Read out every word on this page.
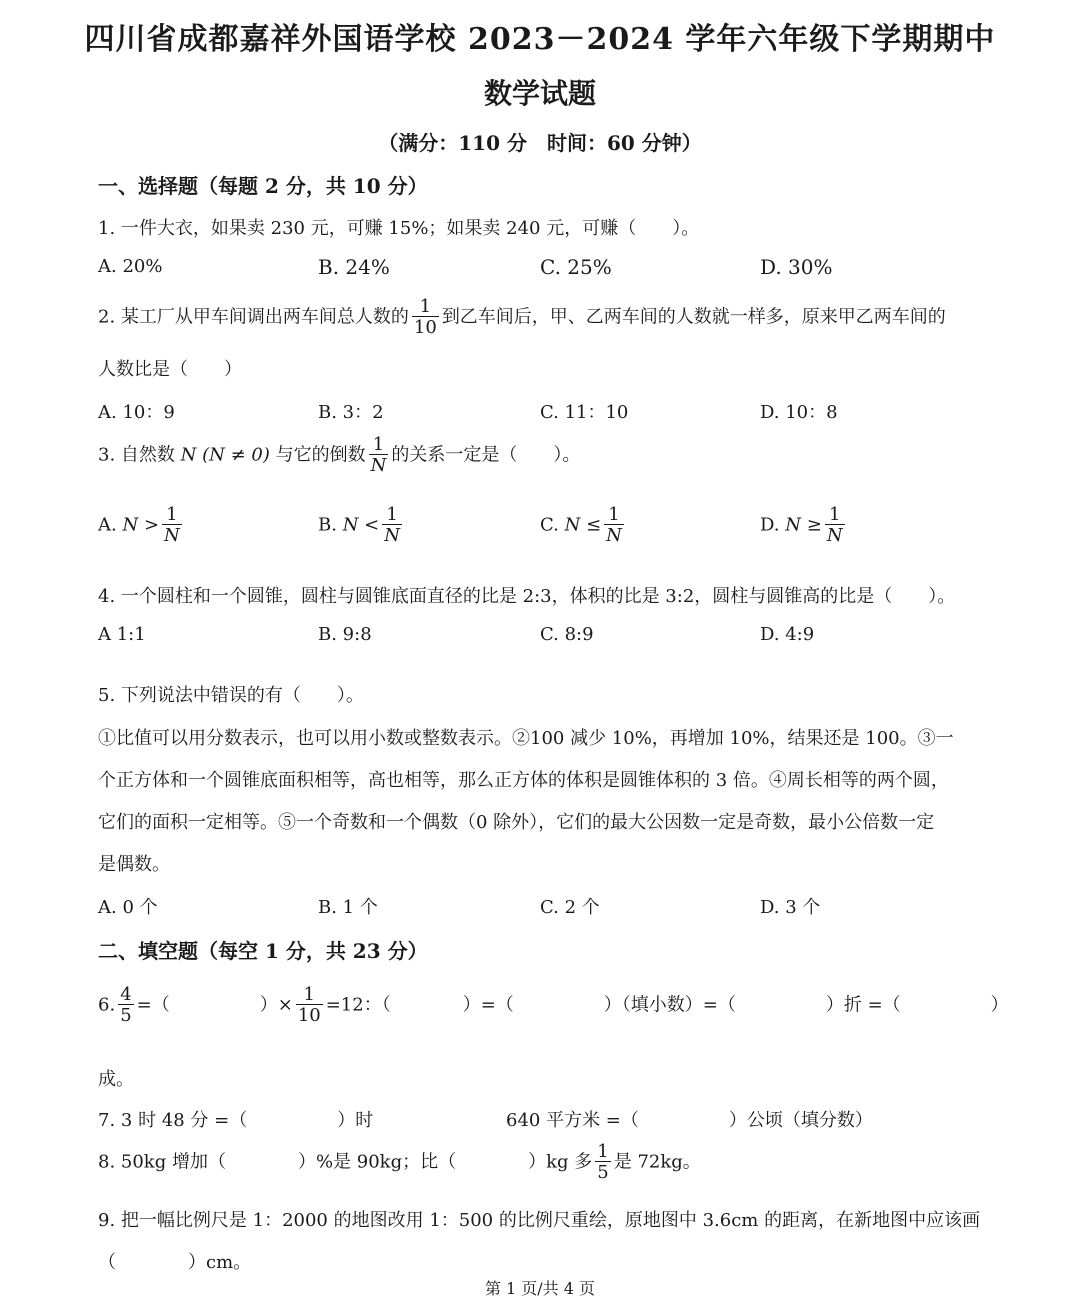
四川省成都嘉祥外国语学校 2023－2024 学年六年级下学期期中
数学试题
（满分：110 分　时间：60 分钟）
一、选择题（每题 2 分，共 10 分）
1. 一件大衣，如果卖 230 元，可赚 15%；如果卖 240 元，可赚（　　）。
A. 20%	B. 24%	C. 25%	D. 30%
2. 某工厂从甲车间调出两车间总人数的 $\frac{1}{10}$ 到乙车间后，甲、乙两车间的人数就一样多，原来甲乙两车间的
人数比是（　　）
A. 10：9	B. 3：2	C. 11：10	D. 10：8
3. 自然数 N (N ≠ 0) 与它的倒数 $\frac{1}{N}$ 的关系一定是（　　）。
A. $N > \frac{1}{N}$	B. $N < \frac{1}{N}$	C. $N \le \frac{1}{N}$	D. $N \ge \frac{1}{N}$
4. 一个圆柱和一个圆锥，圆柱与圆锥底面直径的比是 2:3，体积的比是 3:2，圆柱与圆锥高的比是（　　）。
A 1:1	B. 9:8	C. 8:9	D. 4:9
5. 下列说法中错误的有（　　）。
①比值可以用分数表示，也可以用小数或整数表示。②100 减少 10%，再增加 10%，结果还是 100。③一
个正方体和一个圆锥底面积相等，高也相等，那么正方体的体积是圆锥体积的 3 倍。④周长相等的两个圆，
它们的面积一定相等。⑤一个奇数和一个偶数（0 除外），它们的最大公因数一定是奇数，最小公倍数一定
是偶数。
A. 0 个	B. 1 个	C. 2 个	D. 3 个
二、填空题（每空 1 分，共 23 分）
6. $\frac{4}{5}$ =（　　　　　）× $\frac{1}{10} =12$：（　　　　）=（　　　　　）（填小数）=（　　　　　）折 =（　　　　　）
成。
7. 3 时 48 分 =（　　　　　）时	640 平方米 =（　　　　　）公顷（填分数）
8. 50kg 增加（　　　　）%是 90kg；比（　　　　）kg 多 $\frac{1}{5}$ 是 72kg。
9. 把一幅比例尺是 1：2000 的地图改用 1：500 的比例尺重绘，原地图中 3.6cm 的距离，在新地图中应该画
（　　　　）cm。
第 1 页/共 4 页
